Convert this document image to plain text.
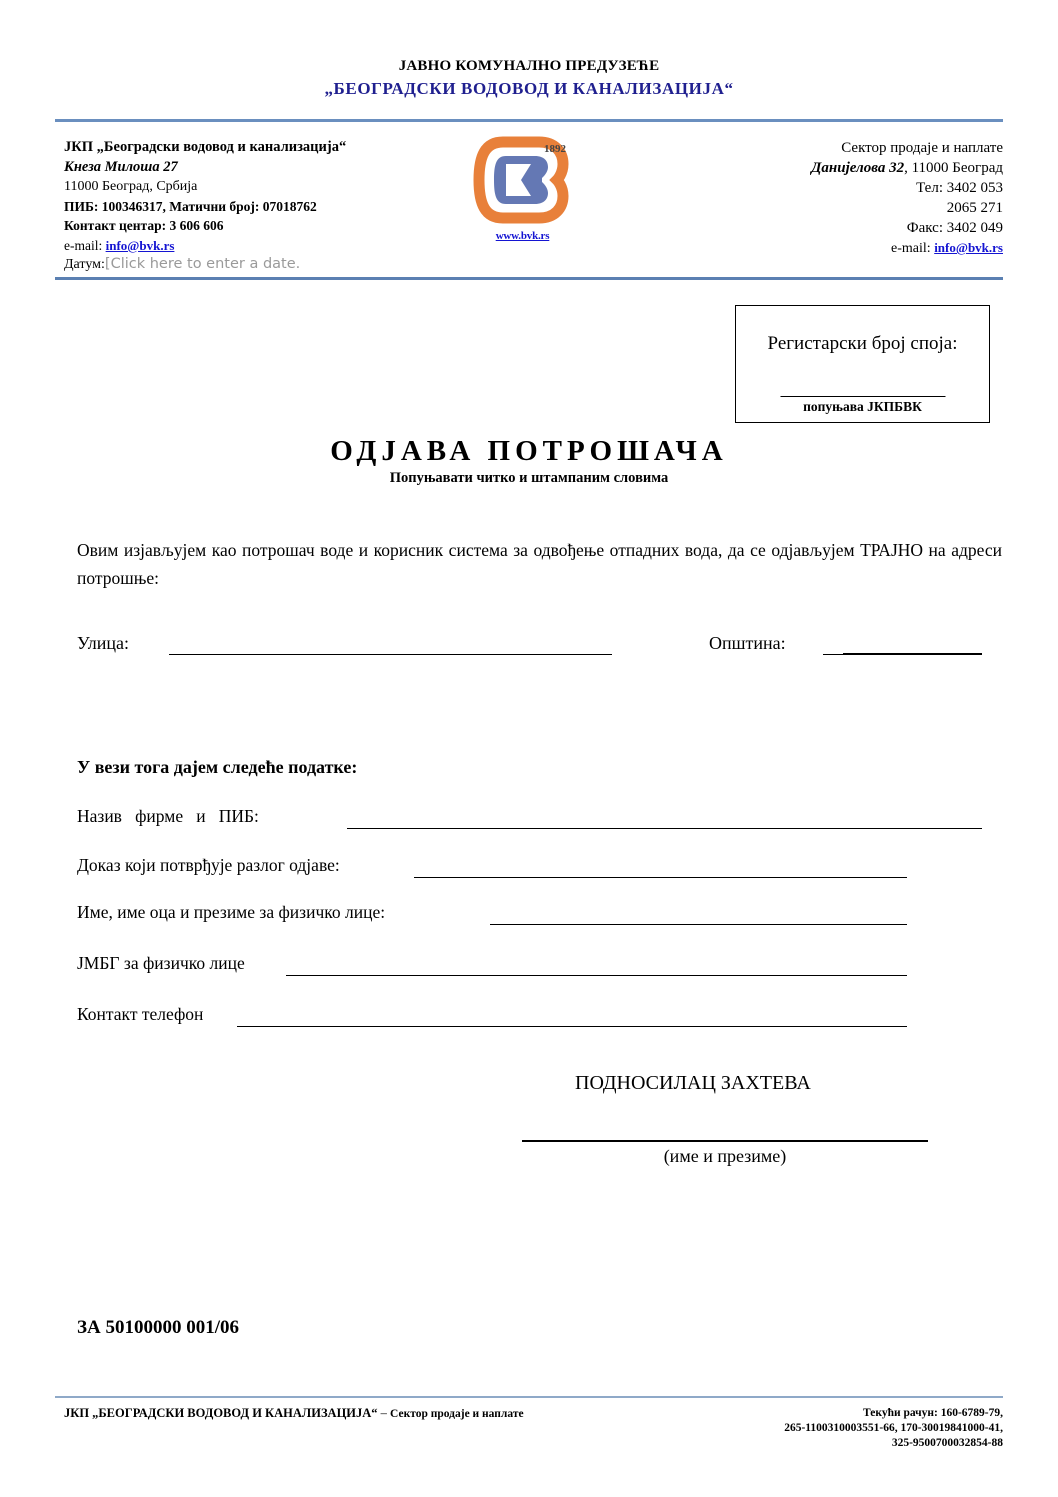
ЈАВНО КОМУНАЛНО ПРЕДУЗЕЋЕ
„БЕОГРАДСКИ ВОДОВОД И КАНАЛИЗАЦИЈА“
ЈКП „Београдски водовод и канализација“
Кнеза Милоша 27
11000 Београд, Србија
ПИБ: 100346317, Матични број: 07018762
Контакт центар: 3 606 606
e-mail: info@bvk.rs
Датум:[Click here to enter a date.
1892
www.bvk.rs
Сектор продаје и наплате
Данијелова 32, 11000 Београд
Тел: 3402 053
2065 271
Факс: 3402 049
e-mail: info@bvk.rs
Регистарски број споја:
попуњава ЈКПБВК
ОДЈАВА ПОТРОШАЧА
Попуњавати читко и штампаним словима
Овим изјављујем као потрошач воде и корисник система за одвођење отпадних вода, да се одјављујем ТРАЈНО на адреси потрошње:
Улица:	Општина:
У вези тога дајем следеће податке:
Назив   фирме   и   ПИБ:
Доказ који потврђује разлог одјаве:
Име, име оца и презиме за физичко лице:
ЈМБГ за физичко лице
Контакт телефон
ПОДНОСИЛАЦ ЗАХТЕВА
(име и презиме)
ЗА 50100000 001/06
ЈКП „БЕОГРАДСКИ ВОДОВОД И КАНАЛИЗАЦИЈА“ – Сектор продаје и наплате	Текући рачун: 160-6789-79,
265-1100310003551-66, 170-30019841000-41,
325-9500700032854-88
